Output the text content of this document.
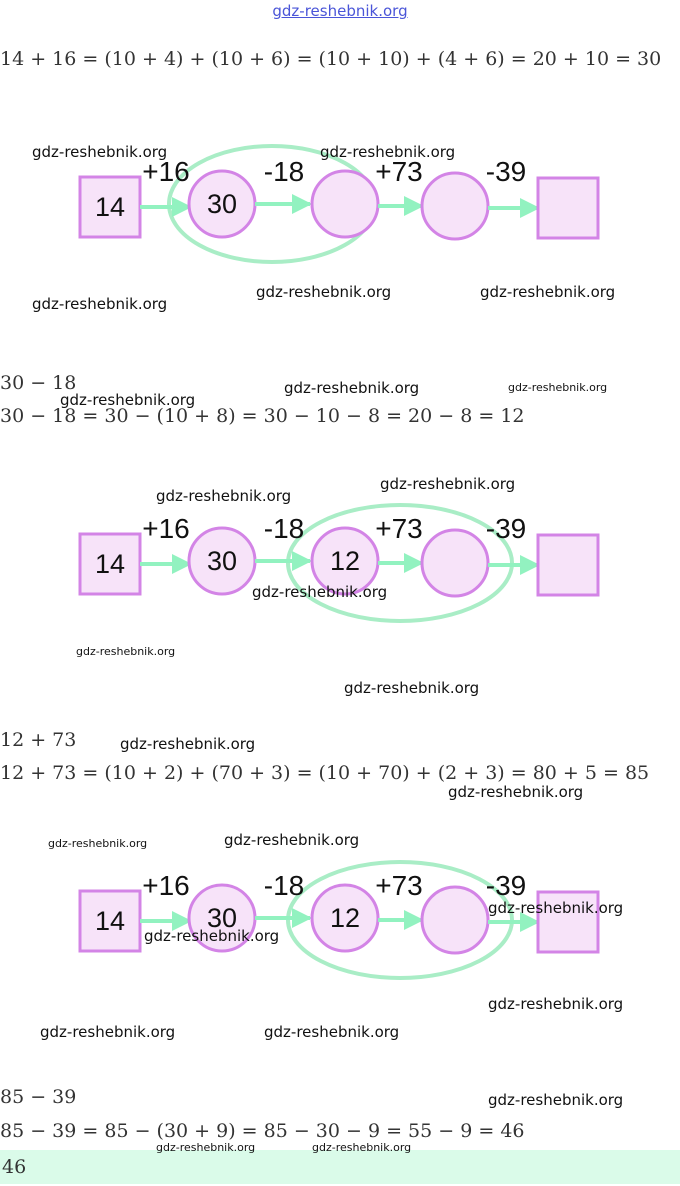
gdz-reshebnik.org
14 + 16 = (10 + 4) + (10 + 6) = (10 + 10) + (4 + 6) = 20 + 10 = 30
14	30
+16	-18	+73 -39
30 − 18
30 − 18 = 30 − (10 + 8) = 30 − 10 − 8 = 20 − 8 = 12
14	30	12
+16	-18	+73 -39
12 + 73
12 + 73 = (10 + 2) + (70 + 3) = (10 + 70) + (2 + 3) = 80 + 5 = 85
14	30	12
+16	-18	+73 -39
85 − 39
85 − 39 = 85 − (30 + 9) = 85 − 30 − 9 = 55 − 9 = 46
46
gdz-reshebnik.org	gdz-reshebnik.org
gdz-reshebnik.org
gdz-reshebnik.org	gdz-reshebnik.org
gdz-reshebnik.org	gdz-reshebnik.org
gdz-reshebnik.org
gdz-reshebnik.org
gdz-reshebnik.org
gdz-reshebnik.org
gdz-reshebnik.org
gdz-reshebnik.org
gdz-reshebnik.org
gdz-reshebnik.org
gdz-reshebnik.org	gdz-reshebnik.org
gdz-reshebnik.org
gdz-reshebnik.org
gdz-reshebnik.org
gdz-reshebnik.org	gdz-reshebnik.org
gdz-reshebnik.org
gdz-reshebnik.org	gdz-reshebnik.org
